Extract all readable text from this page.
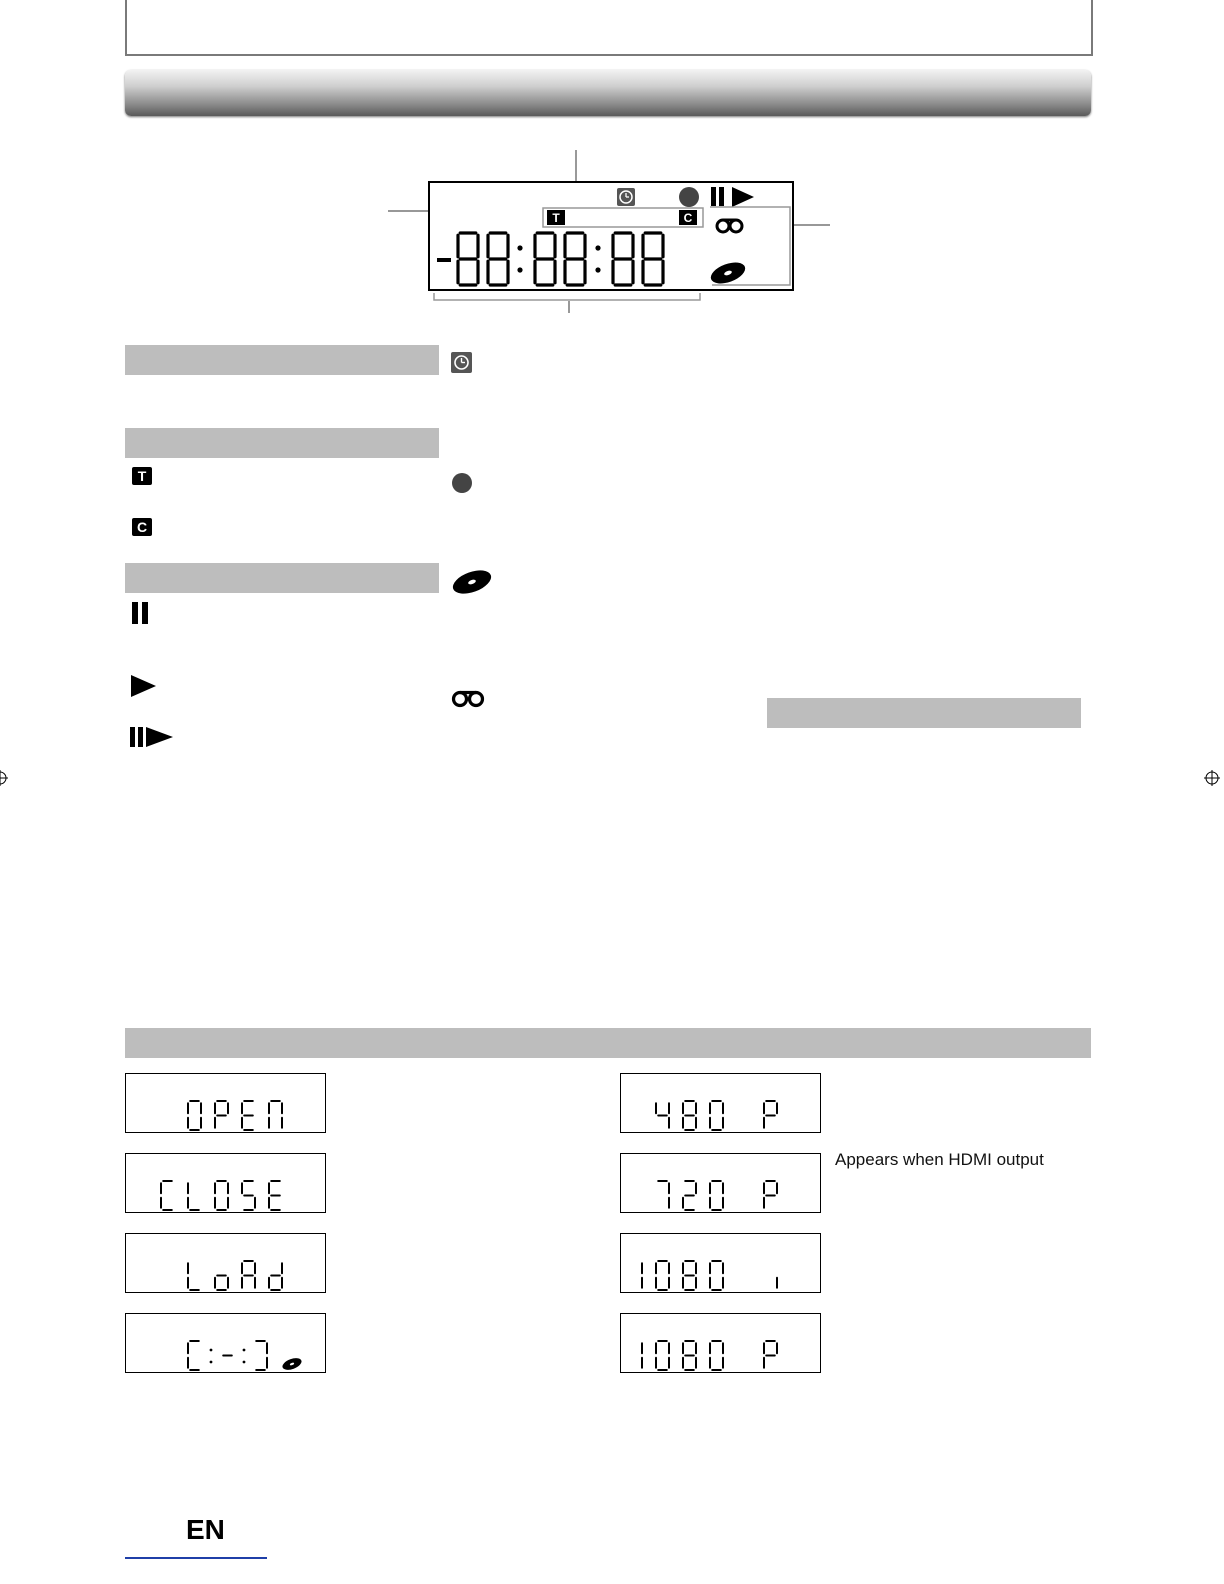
T	C
T
C
Appears when HDMI output
EN
